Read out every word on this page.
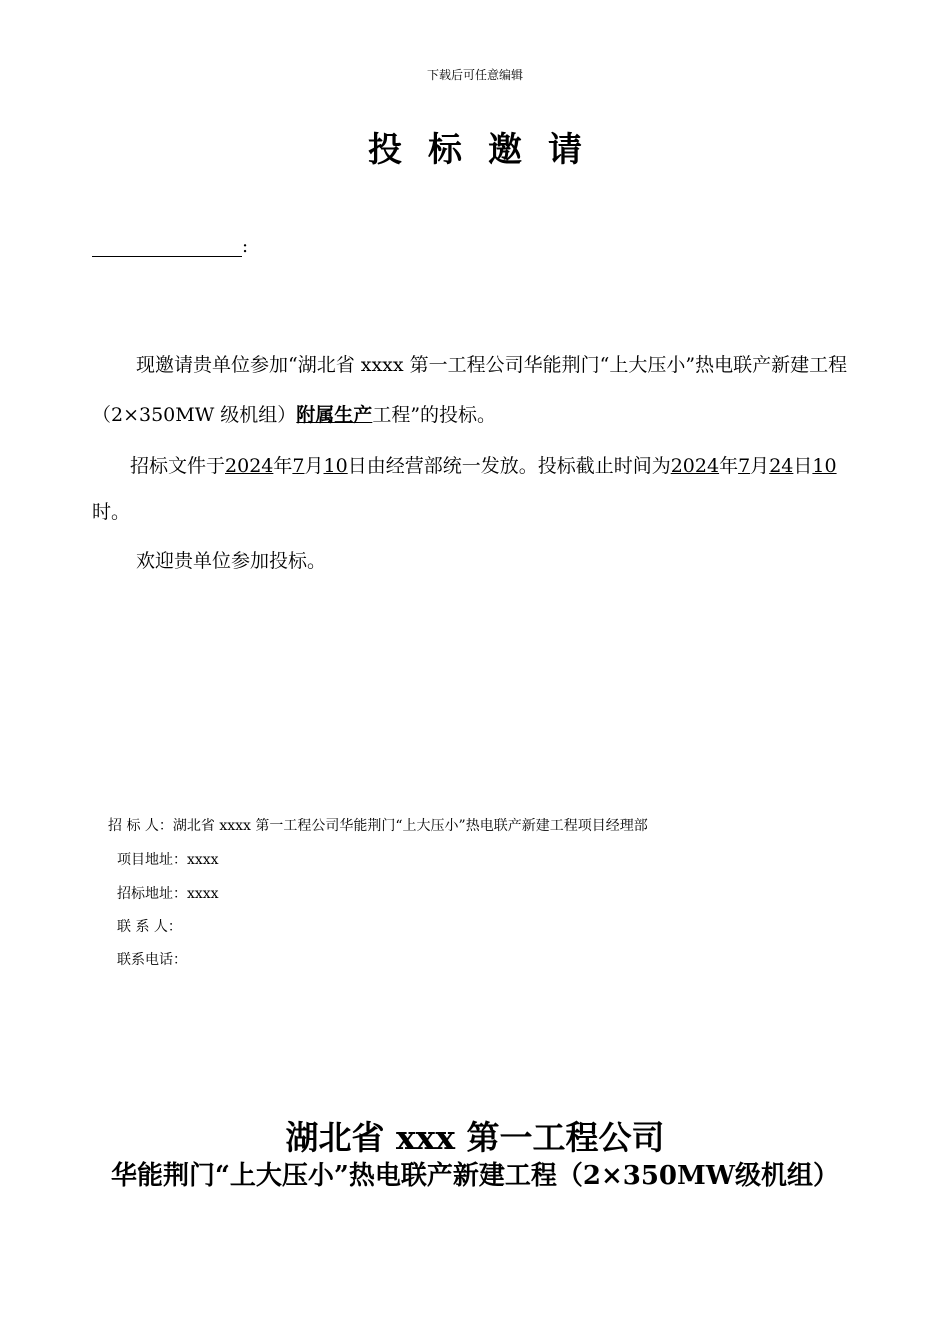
下载后可任意编辑
投标邀请
:
现邀请贵单位参加“湖北省 xxxx 第一工程公司华能荆门“上大压小”热电联产新建工程（2×350MW 级机组）附属生产工程”的投标。
招标文件于2024年7月10日由经营部统一发放。投标截止时间为2024年7月24日10时。
欢迎贵单位参加投标。
招 标 人：湖北省 xxxx 第一工程公司华能荆门“上大压小”热电联产新建工程项目经理部
项目地址：xxxx
招标地址：xxxx
联 系 人：
联系电话：
湖北省 xxx 第一工程公司
华能荆门“上大压小”热电联产新建工程（2×350MW级机组）
